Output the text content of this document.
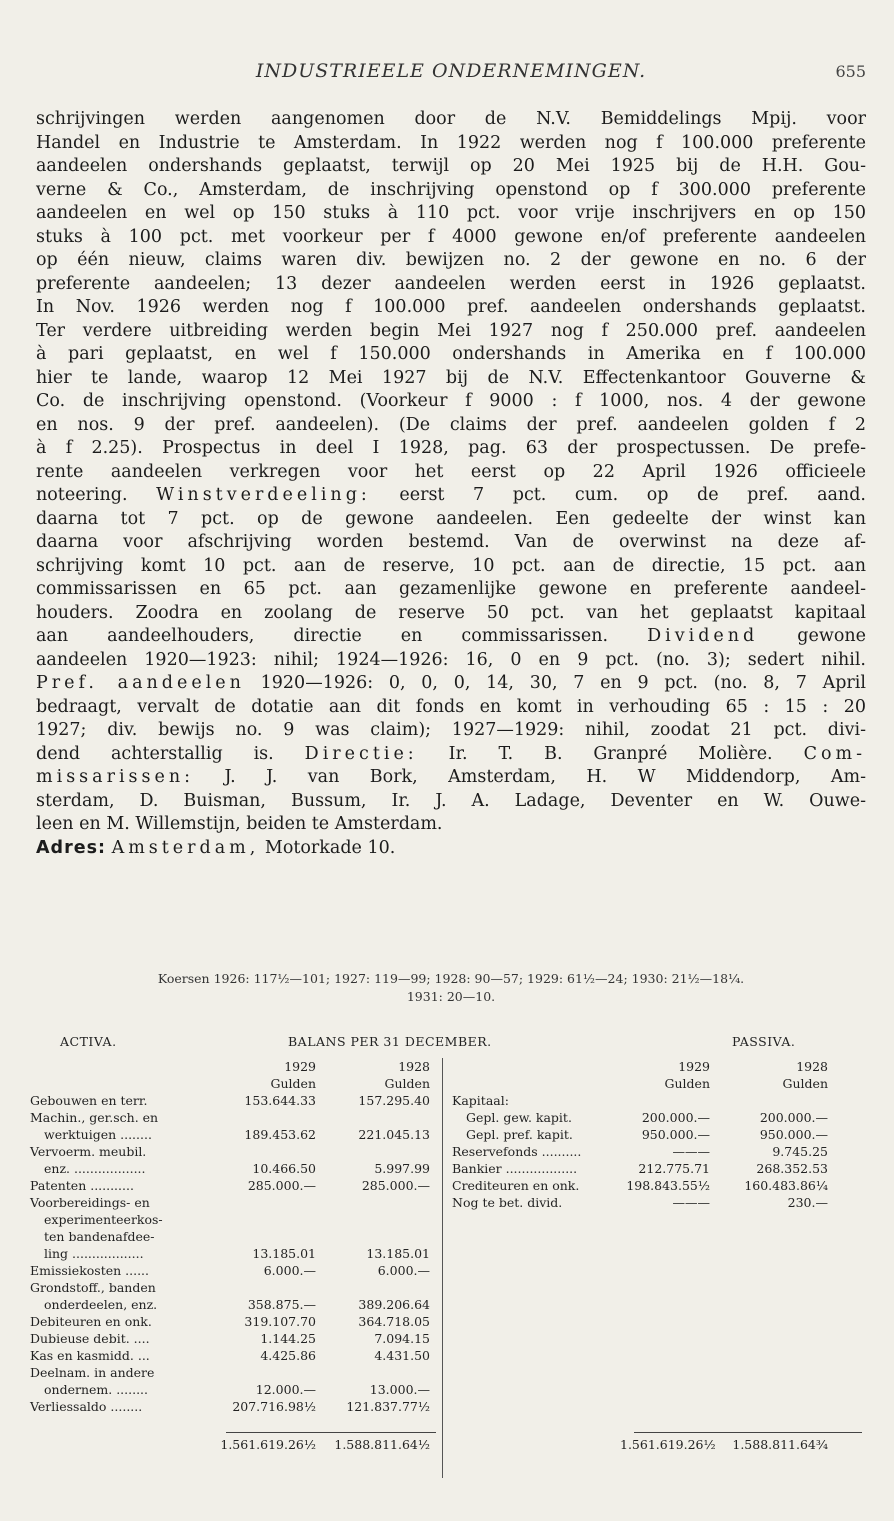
INDUSTRIEELE ONDERNEMINGEN.	655
schrijvingen werden aangenomen door de N.V. Bemiddelings Mpij. voor
Handel en Industrie te Amsterdam. In 1922 werden nog f 100.000 preferente
aandeelen ondershands geplaatst, terwijl op 20 Mei 1925 bij de H.H. Gou-
verne & Co., Amsterdam, de inschrijving openstond op f 300.000 preferente
aandeelen en wel op 150 stuks à 110 pct. voor vrije inschrijvers en op 150
stuks à 100 pct. met voorkeur per f 4000 gewone en/of preferente aandeelen
op één nieuw, claims waren div. bewijzen no. 2 der gewone en no. 6 der
preferente aandeelen; 13 dezer aandeelen werden eerst in 1926 geplaatst.
In Nov. 1926 werden nog f 100.000 pref. aandeelen ondershands geplaatst.
Ter verdere uitbreiding werden begin Mei 1927 nog f 250.000 pref. aandeelen
à pari geplaatst, en wel f 150.000 ondershands in Amerika en f 100.000
hier te lande, waarop 12 Mei 1927 bij de N.V. Effectenkantoor Gouverne &
Co. de inschrijving openstond. (Voorkeur f 9000 : f 1000, nos. 4 der gewone
en nos. 9 der pref. aandeelen). (De claims der pref. aandeelen golden f 2
à f 2.25). Prospectus in deel I 1928, pag. 63 der prospectussen. De prefe-
rente aandeelen verkregen voor het eerst op 22 April 1926 officieele
noteering. Winstverdeeling: eerst 7 pct. cum. op de pref. aand.
daarna tot 7 pct. op de gewone aandeelen. Een gedeelte der winst kan
daarna voor afschrijving worden bestemd. Van de overwinst na deze af-
schrijving komt 10 pct. aan de reserve, 10 pct. aan de directie, 15 pct. aan
commissarissen en 65 pct. aan gezamenlijke gewone en preferente aandeel-
houders. Zoodra en zoolang de reserve 50 pct. van het geplaatst kapitaal
aan aandeelhouders, directie en commissarissen. Dividend gewone
aandeelen 1920—1923: nihil; 1924—1926: 16, 0 en 9 pct. (no. 3); sedert nihil.
Pref. aandeelen 1920—1926: 0, 0, 0, 14, 30, 7 en 9 pct. (no. 8, 7 April
bedraagt, vervalt de dotatie aan dit fonds en komt in verhouding 65 : 15 : 20
1927; div. bewijs no. 9 was claim); 1927—1929: nihil, zoodat 21 pct. divi-
dend achterstallig is. Directie: Ir. T. B. Granpré Molière. Com-
missarissen: J. J. van Bork, Amsterdam, H. W Middendorp, Am-
sterdam, D. Buisman, Bussum, Ir. J. A. Ladage, Deventer en W. Ouwe-
leen en M. Willemstijn, beiden te Amsterdam.
Adres: Amsterdam, Motorkade 10.
Koersen 1926: 117½—101; 1927: 119—99; 1928: 90—57; 1929: 61½—24; 1930: 21½—18¼.
1931: 20—10.
ACTIVA.	BALANS PER 31 DECEMBER.	PASSIVA.
1929	1928
Gulden	Gulden
Gebouwen en terr.	153.644.33	157.295.40
Machin., ger.sch. en
werktuigen ........	189.453.62	221.045.13
Vervoerm. meubil.
enz. ..................	10.466.50	5.997.99
Patenten ...........	285.000.—	285.000.—
Voorbereidings- en
experimenteerkos-
ten bandenafdee-
ling ..................	13.185.01	13.185.01
Emissiekosten ......	6.000.—	6.000.—
Grondstoff., banden
onderdeelen, enz.	358.875.—	389.206.64
Debiteuren en onk.	319.107.70	364.718.05
Dubieuse debit. ....	1.144.25	7.094.15
Kas en kasmidd. ...	4.425.86	4.431.50
Deelnam. in andere
ondernem. ........	12.000.—	13.000.—
Verliessaldo ........	207.716.98½	121.837.77½
1929	1928
Gulden	Gulden
Kapitaal:
Gepl. gew. kapit.	200.000.—	200.000.—
Gepl. pref. kapit.	950.000.—	950.000.—
Reservefonds ..........	———	9.745.25
Bankier ..................	212.775.71	268.352.53
Crediteuren en onk.	198.843.55½	160.483.86¼
Nog te bet. divid.	———	230.—
1.561.619.26½	1.588.811.64½	1.561.619.26½	1.588.811.64¾
